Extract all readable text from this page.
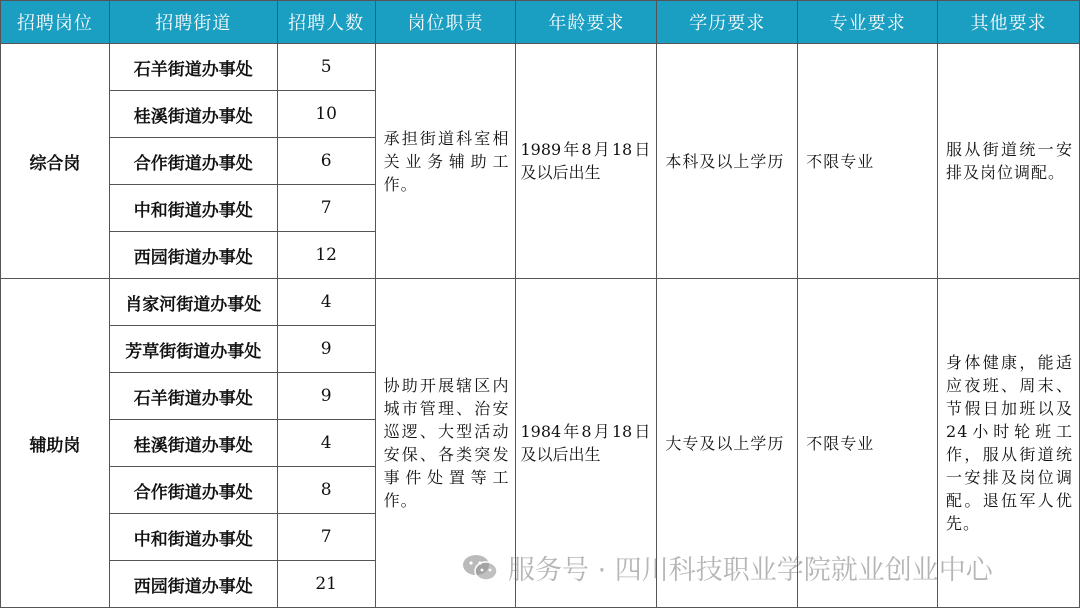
招聘岗位	招聘街道	招聘人数	岗位职责	年龄要求	学历要求	专业要求	其他要求
综合岗	石羊街道办事处	5	承担街道科室相关业务辅助工作。	1989年8月18日及以后出生	本科及以上学历	不限专业	服从街道统一安排及岗位调配。
	桂溪街道办事处	10					
	合作街道办事处	6					
	中和街道办事处	7					
	西园街道办事处	12					
辅助岗	肖家河街道办事处	4	协助开展辖区内城市管理、治安巡逻、大型活动安保、各类突发事件处置等工作。	1984年8月18日及以后出生	大专及以上学历	不限专业	身体健康，能适应夜班、周末、节假日加班以及24小时轮班工作，服从街道统一安排及岗位调配。退伍军人优先。
	芳草街街道办事处	9					
	石羊街道办事处	9					
	桂溪街道办事处	4					
	合作街道办事处	8					
	中和街道办事处	7					
	西园街道办事处	21						服务号 · 四川科技职业学院就业创业中心
